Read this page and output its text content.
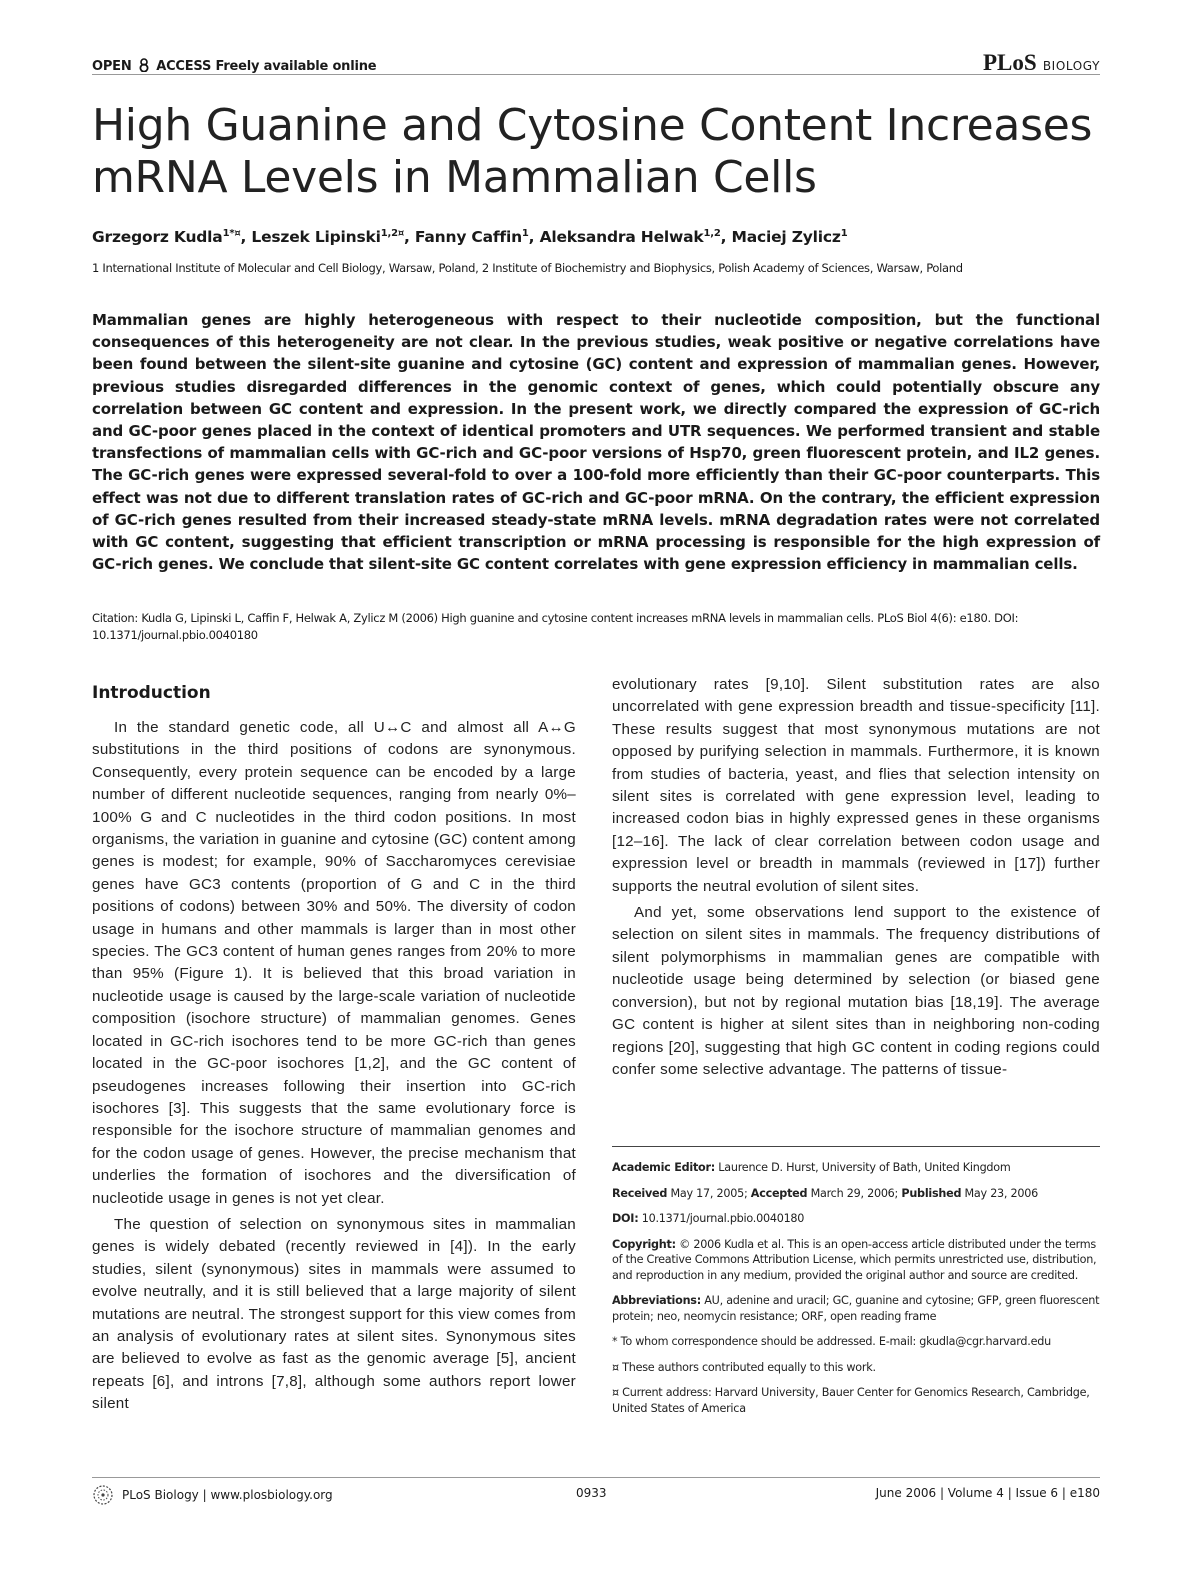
OPEN ACCESS Freely available online	PLoS BIOLOGY
High Guanine and Cytosine Content Increases mRNA Levels in Mammalian Cells
Grzegorz Kudla$^{1*¤}$, Leszek Lipinski$^{1,2¤}$, Fanny Caffin$^1$, Aleksandra Helwak$^{1,2}$, Maciej Zylicz$^1$
1 International Institute of Molecular and Cell Biology, Warsaw, Poland, 2 Institute of Biochemistry and Biophysics, Polish Academy of Sciences, Warsaw, Poland

Mammalian genes are highly heterogeneous with respect to their nucleotide composition, but the functional consequences of this heterogeneity are not clear. In the previous studies, weak positive or negative correlations have been found between the silent-site guanine and cytosine (GC) content and expression of mammalian genes. However, previous studies disregarded differences in the genomic context of genes, which could potentially obscure any correlation between GC content and expression. In the present work, we directly compared the expression of GC-rich and GC-poor genes placed in the context of identical promoters and UTR sequences. We performed transient and stable transfections of mammalian cells with GC-rich and GC-poor versions of Hsp70, green fluorescent protein, and IL2 genes. The GC-rich genes were expressed several-fold to over a 100-fold more efficiently than their GC-poor counterparts. This effect was not due to different translation rates of GC-rich and GC-poor mRNA. On the contrary, the efficient expression of GC-rich genes resulted from their increased steady-state mRNA levels. mRNA degradation rates were not correlated with GC content, suggesting that efficient transcription or mRNA processing is responsible for the high expression of GC-rich genes. We conclude that silent-site GC content correlates with gene expression efficiency in mammalian cells.

Citation: Kudla G, Lipinski L, Caffin F, Helwak A, Zylicz M (2006) High guanine and cytosine content increases mRNA levels in mammalian cells. PLoS Biol 4(6): e180. DOI: 10.1371/journal.pbio.0040180
Introduction

In the standard genetic code, all U↔C and almost all A↔G substitutions in the third positions of codons are synonymous. Consequently, every protein sequence can be encoded by a large number of different nucleotide sequences, ranging from nearly 0%–100% G and C nucleotides in the third codon positions. In most organisms, the variation in guanine and cytosine (GC) content among genes is modest; for example, 90% of Saccharomyces cerevisiae genes have GC3 contents (proportion of G and C in the third positions of codons) between 30% and 50%. The diversity of codon usage in humans and other mammals is larger than in most other species. The GC3 content of human genes ranges from 20% to more than 95% (Figure 1). It is believed that this broad variation in nucleotide usage is caused by the large-scale variation of nucleotide composition (isochore structure) of mammalian genomes. Genes located in GC-rich isochores tend to be more GC-rich than genes located in the GC-poor isochores [1,2], and the GC content of pseudogenes increases following their insertion into GC-rich isochores [3]. This suggests that the same evolutionary force is responsible for the isochore structure of mammalian genomes and for the codon usage of genes. However, the precise mechanism that underlies the formation of isochores and the diversification of nucleotide usage in genes is not yet clear.

The question of selection on synonymous sites in mammalian genes is widely debated (recently reviewed in [4]). In the early studies, silent (synonymous) sites in mammals were assumed to evolve neutrally, and it is still believed that a large majority of silent mutations are neutral. The strongest support for this view comes from an analysis of evolutionary rates at silent sites. Synonymous sites are believed to evolve as fast as the genomic average [5], ancient repeats [6], and introns [7,8], although some authors report lower silent

evolutionary rates [9,10]. Silent substitution rates are also uncorrelated with gene expression breadth and tissue-specificity [11]. These results suggest that most synonymous mutations are not opposed by purifying selection in mammals. Furthermore, it is known from studies of bacteria, yeast, and flies that selection intensity on silent sites is correlated with gene expression level, leading to increased codon bias in highly expressed genes in these organisms [12–16]. The lack of clear correlation between codon usage and expression level or breadth in mammals (reviewed in [17]) further supports the neutral evolution of silent sites.

And yet, some observations lend support to the existence of selection on silent sites in mammals. The frequency distributions of silent polymorphisms in mammalian genes are compatible with nucleotide usage being determined by selection (or biased gene conversion), but not by regional mutation bias [18,19]. The average GC content is higher at silent sites than in neighboring non-coding regions [20], suggesting that high GC content in coding regions could confer some selective advantage. The patterns of tissue-

Academic Editor: Laurence D. Hurst, University of Bath, United Kingdom
Received May 17, 2005; Accepted March 29, 2006; Published May 23, 2006
DOI: 10.1371/journal.pbio.0040180
Copyright: © 2006 Kudla et al. This is an open-access article distributed under the terms of the Creative Commons Attribution License, which permits unrestricted use, distribution, and reproduction in any medium, provided the original author and source are credited.
Abbreviations: AU, adenine and uracil; GC, guanine and cytosine; GFP, green fluorescent protein; neo, neomycin resistance; ORF, open reading frame
* To whom correspondence should be addressed. E-mail: gkudla@cgr.harvard.edu
¤ These authors contributed equally to this work.
¤ Current address: Harvard University, Bauer Center for Genomics Research, Cambridge, United States of America
PLoS Biology | www.plosbiology.org	0933	June 2006 | Volume 4 | Issue 6 | e180
